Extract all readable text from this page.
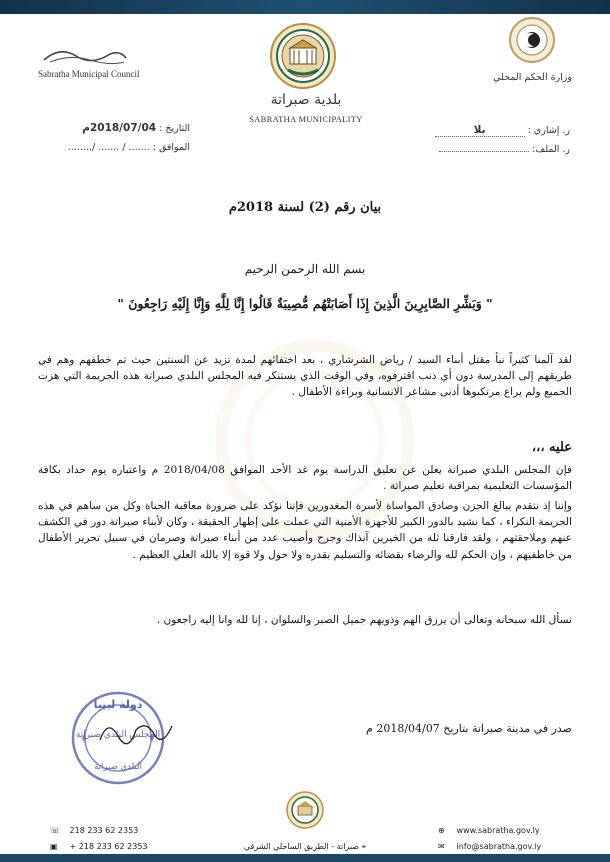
Sabratha Municipal Council
بلدية صبراتة
SABRATHA MUNICIPALITY
وزارة الحكم المحلي
التاريخ : 2018/07/04م
الموافق : ....... / ....... /........
ر. إشاري : بلا
ر. الملف:
بيان رقم (2) لسنة 2018م
بسم الله الرحمن الرحيم
" وَبَشِّرِ الصَّابِرِينَ الَّذِينَ إِذَا أَصَابَتْهُم مُّصِيبَةٌ قَالُوا إِنَّا لِلَّهِ وَإِنَّا إِلَيْهِ رَاجِعُونَ "

لقد آلمنا كثيراً نبأ مقتل أبناء السيد / رياض الشرشاري ، بعد اختفائهم لمدة تزيد عن السنتين حيث تم خطفهم وهم في طريقهم إلى المدرسة دون أي ذنب اقترفوه، وفي الوقت الذي يستنكر فيه المجلس البلدي صبراتة هذه الجريمة التي هزت الجميع ولم يراع مرتكبوها أدنى مشاعر الانسانية وبراءة الأطفال .

عليه ،،،

فإن المجلس البلدي صبراتة يعلن عن تعليق الدراسة يوم غد الأحد الموافق 2018/04/08 م واعتباره يوم حداد بكافة المؤسسات التعليمية بمراقبة تعليم صبراتة .

وإننا إذ نتقدم ببالغ الحزن وصادق المواساة لأسرة المغدورين فإننا نؤكد على ضرورة معاقبة الجناة وكل من ساهم في هذه الجريمة النكراء ، كما نشيد بالدور الكبير للأجهزة الأمنية التي عملت على إظهار الحقيقة ، وكان لأبناء صبراتة دور في الكشف عنهم وملاحقتهم ، ولقد فارقنا ثلة من الخيرين آنذاك وجرح وأصيب عدد من أبناء صبراتة وصرمان في سبيل تحرير الأطفال من خاطفيهم ، وإن الحكم لله والرضاء بقضائه والتسليم بقدره ولا حول ولا قوة إلا بالله العلي العظيم .

نسأل الله سبحانه وتعالى أن يرزق الهم وذويهم جميل الصبر والسلوان ، إنا لله وانا إليه راجعون .

صدر في مدينة صبراتة بتاريخ 2018/04/07 م
دولة ليبيا
المجلس البلدي صبراتة
البلدي صبراتة
☏ 218 233 62 2353
▣ + 218 233 62 2353	⌖ صبراتة - الطريق الساحلي الشرقي
⊕ www.sabratha.gov.ly
✉ info@sabratha.gov.ly
